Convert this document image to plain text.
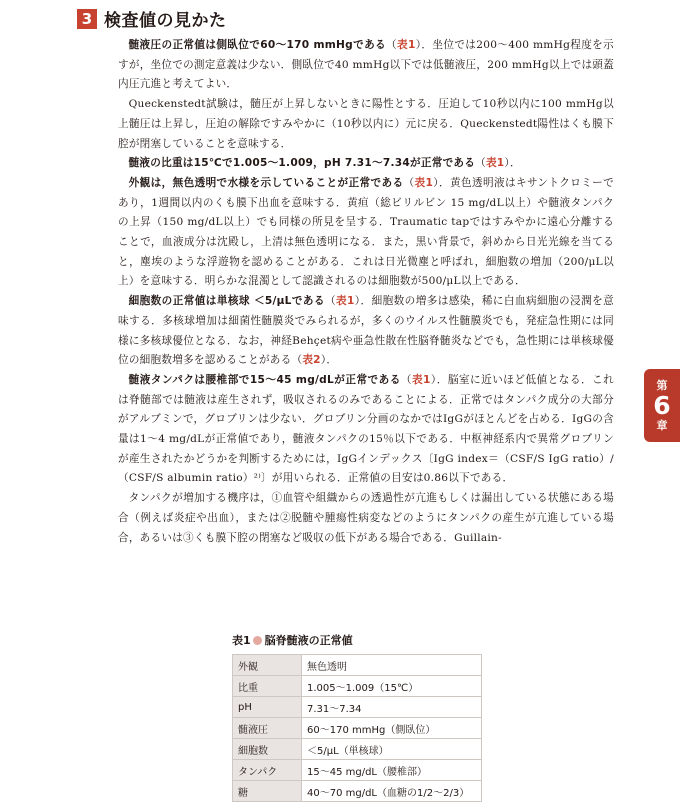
3 検査値の見かた

髄液圧の正常値は側臥位で60～170 mmHgである（表1）．坐位では200～400 mmHg程度を示すが，坐位での測定意義は少ない．側臥位で40 mmHg以下では低髄液圧，200 mmHg以上では頭蓋内圧亢進と考えてよい．

Queckenstedt試験は，髄圧が上昇しないときに陽性とする．圧迫して10秒以内に100 mmHg以上髄圧は上昇し，圧迫の解除ですみやかに（10秒以内に）元に戻る．Queckenstedt陽性はくも膜下腔が閉塞していることを意味する．

髄液の比重は15℃で1.005～1.009，pH 7.31～7.34が正常である（表1）．

外観は，無色透明で水様を示していることが正常である（表1）．黄色透明液はキサントクロミーであり，1週間以内のくも膜下出血を意味する．黄疸（総ビリルビン 15 mg/dL以上）や髄液タンパクの上昇（150 mg/dL以上）でも同様の所見を呈する．Traumatic tapではすみやかに遠心分離することで，血液成分は沈殿し，上清は無色透明になる．また，黒い背景で，斜めから日光光線を当てると，塵埃のような浮遊物を認めることがある．これは日光微塵と呼ばれ，細胞数の増加（200/μL以上）を意味する．明らかな混濁として認識されるのは細胞数が500/μL以上である．

細胞数の正常値は単核球 ＜5/μLである（表1）．細胞数の増多は感染，稀に白血病細胞の浸潤を意味する．多核球増加は細菌性髄膜炎でみられるが，多くのウイルス性髄膜炎でも，発症急性期には同様に多核球優位となる．なお，神経Behçet病や亜急性散在性脳脊髄炎などでも，急性期には単核球優位の細胞数増多を認めることがある（表2）．

髄液タンパクは腰椎部で15～45 mg/dLが正常である（表1）．脳室に近いほど低値となる．これは脊髄部では髄液は産生されず，吸収されるのみであることによる．正常ではタンパク成分の大部分がアルブミンで，グロブリンは少ない．グロブリン分画のなかではIgGがほとんどを占める．IgGの含量は1～4 mg/dLが正常値であり，髄液タンパクの15％以下である．中枢神経系内で異常グロブリンが産生されたかどうかを判断するためには，IgGインデックス〔IgG index＝（CSF/S IgG ratio）/（CSF/S albumin ratio）²⁾〕が用いられる．正常値の目安は0.86以下である．

タンパクが増加する機序は，①血管や組織からの透過性が亢進もしくは漏出している状態にある場合（例えば炎症や出血），または②脱髄や腫瘍性病変などのようにタンパクの産生が亢進している場合，あるいは③くも膜下腔の閉塞など吸収の低下がある場合である．Guillain-

第
6
章
表1 脳脊髄液の正常値
外観	無色透明
比重	1.005～1.009（15℃）
pH	7.31～7.34
髄液圧	60～170 mmHg（側臥位）
細胞数	＜5/μL（単核球）
タンパク	15～45 mg/dL（腰椎部）
糖	40～70 mg/dL（血糖の1/2～2/3）
